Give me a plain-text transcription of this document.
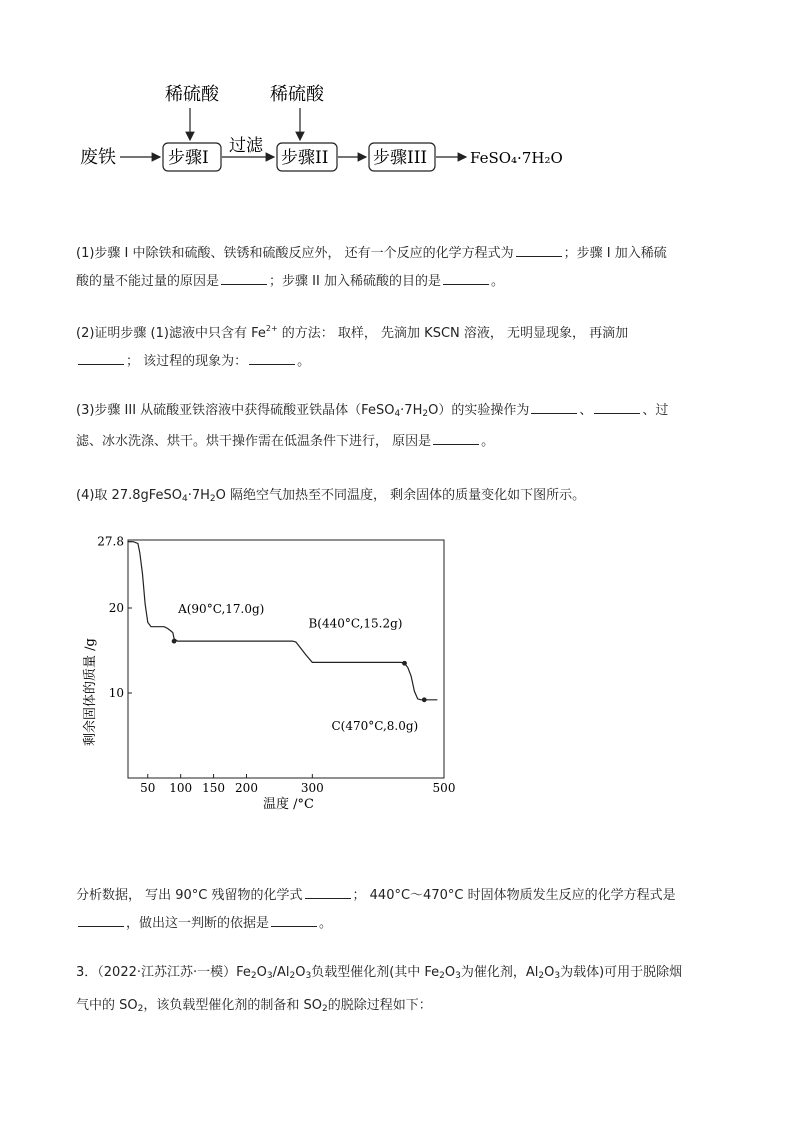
稀硫酸	稀硫酸
废铁	步骤I
过滤
步骤II	步骤III	FeSO₄·7H₂O
(1)步骤 I 中除铁和硫酸、铁锈和硫酸反应外， 还有一个反应的化学方程式为	；步骤 I 加入稀硫
酸的量不能过量的原因是	；步骤 II 加入稀硫酸的目的是	。
(2)证明步骤 (1)滤液中只含有 $Fe^{2+}$ 的方法： 取样， 先滴加 KSCN 溶液， 无明显现象， 再滴加
； 该过程的现象为：	。
(3)步骤 III 从硫酸亚铁溶液中获得硫酸亚铁晶体$(FeSO_4\cdot 7H_2O)$的实验操作为	、	、过
滤、冰水洗涤、烘干。烘干操作需在低温条件下进行， 原因是	。
(4)取 $27.8gFeSO_4\cdot 7H_2O$ 隔绝空气加热至不同温度， 剩余固体的质量变化如下图所示。
剩余固体的质量 /g
温度 /°C
50 100 150 200	300	500
27.8
20
10
A(90°C,17.0g)
B(440°C,15.2g)
C(470°C,8.0g)
分析数据， 写出 90°C 残留物的化学式	； 440°C～470°C 时固体物质发生反应的化学方程式是
，做出这一判断的依据是	。
3．（2022·江苏江苏·一模）$Fe_2O_3/Al_2O_3$负载型催化剂(其中 $Fe_2O_3$为催化剂，$Al_2O_3$为载体)可用于脱除烟
气中的 $SO_2$，该负载型催化剂的制备和 $SO_2$的脱除过程如下：
